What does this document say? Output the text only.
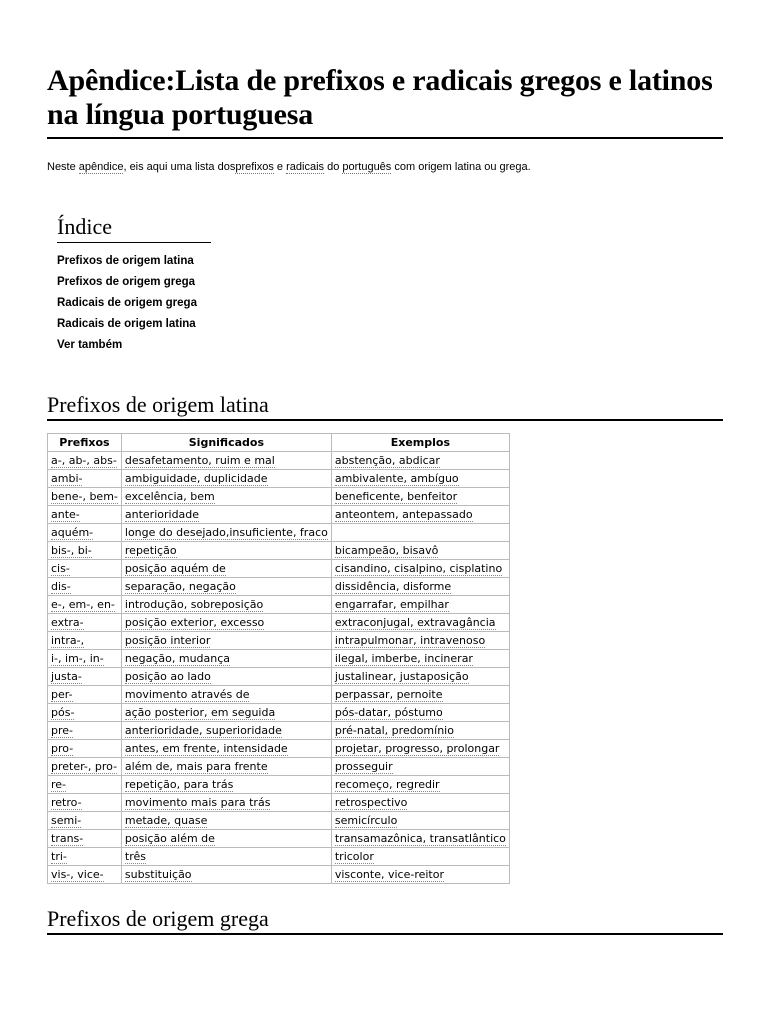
Apêndice:Lista de prefixos e radicais gregos e latinos na língua portuguesa

Neste apêndice, eis aqui uma lista dosprefixos e radicais do português com origem latina ou grega.

Índice
Prefixos de origem latina
Prefixos de origem grega
Radicais de origem grega
Radicais de origem latina
Ver também
Prefixos de origem latina
Prefixos	Significados	Exemplos
a-, ab-, abs-	desafetamento, ruim e mal	abstenção, abdicar
ambi-	ambiguidade, duplicidade	ambivalente, ambíguo
bene-, bem-	excelência, bem	beneficente, benfeitor
ante-	anterioridade	anteontem, antepassado
aquém-	longe do desejado,insuficiente, fraco	
bis-, bi-	repetição	bicampeão, bisavô
cis-	posição aquém de	cisandino, cisalpino, cisplatino
dis-	separação, negação	dissidência, disforme
e-, em-, en-	introdução, sobreposição	engarrafar, empilhar
extra-	posição exterior, excesso	extraconjugal, extravagância
intra-,	posição interior	intrapulmonar, intravenoso
i-, im-, in-	negação, mudança	ilegal, imberbe, incinerar
justa-	posição ao lado	justalinear, justaposição
per-	movimento através de	perpassar, pernoite
pós-	ação posterior, em seguida	pós-datar, póstumo
pre-	anterioridade, superioridade	pré-natal, predomínio
pro-	antes, em frente, intensidade	projetar, progresso, prolongar
preter-, pro-	além de, mais para frente	prosseguir
re-	repetição, para trás	recomeço, regredir
retro-	movimento mais para trás	retrospectivo
semi-	metade, quase	semicírculo
trans-	posição além de	transamazônica, transatlântico
tri-	três	tricolor
vis-, vice-	substituição	visconte, vice-reitor
Prefixos de origem grega
